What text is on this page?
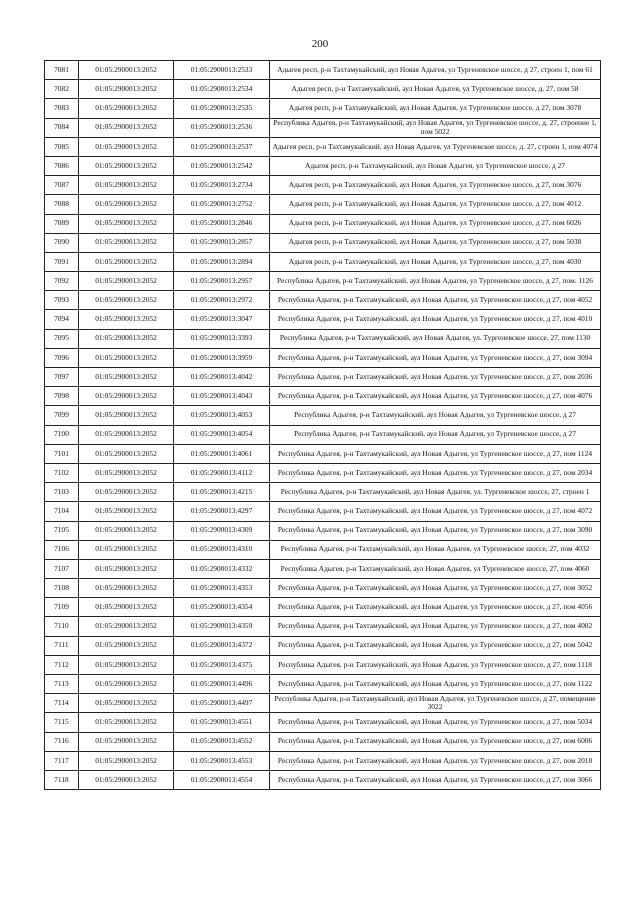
200
7081	01:05:2900013:2052	01:05:2900013:2533	Адыгея респ, р-н Тахтамукайский, аул Новая Адыгея, ул Тургеневское шоссе, д 27, строен 1, пом 61
7082	01:05:2900013:2052	01:05:2900013:2534	Адыгея респ, р-н Тахтамукайский, аул Новая Адыгея, ул Тургеневское шоссе, д. 27, пом 58
7083	01:05:2900013:2052	01:05:2900013:2535	Адыгея респ, р-н Тахтамукайский, аул Новая Адыгея, ул Тургеневское шоссе, д 27, пом 3078
7084	01:05:2900013:2052	01:05:2900013:2536	Республика Адыгея, р-н Тахтамукайский, аул Новая Адыгея, ул Тургеневское шоссе, д. 27, строение 1, пом 5022
7085	01:05:2900013:2052	01:05:2900013:2537	Адыгея респ, р-н Тахтамукайский, аул Новая Адыгея, ул Тургеневское шоссе, д. 27, строен 1, пом 4074
7086	01:05:2900013:2052	01:05:2900013:2542	Адыгея респ, р-н Тахтамукайский, аул Новая Адыгея, ул Тургеневское шоссе, д 27
7087	01:05:2900013:2052	01:05:2900013:2734	Адыгея респ, р-н Тахтамукайский, аул Новая Адыгея, ул Тургеневское шоссе, д 27, пом 3076
7088	01:05:2900013:2052	01:05:2900013:2752	Адыгея респ, р-н Тахтамукайский, аул Новая Адыгея, ул Тургеневское шоссе, д 27, пом 4012
7089	01:05:2900013:2052	01:05:2900013:2846	Адыгея респ, р-н Тахтамукайский, аул Новая Адыгея, ул Тургеневское шоссе, д 27, пом 6026
7090	01:05:2900013:2052	01:05:2900013:2857	Адыгея респ, р-н Тахтамукайский, аул Новая Адыгея, ул Тургеневское шоссе, д 27, пом 5038
7091	01:05:2900013:2052	01:05:2900013:2894	Адыгея респ, р-н Тахтамукайский, аул Новая Адыгея, ул Тургеневское шоссе, д 27, пом 4030
7092	01:05:2900013:2052	01:05:2900013:2957	Республика Адыгея, р-н Тахтамукайский, аул Новая Адыгея, ул Тургеневское шоссе, д 27, пом. 1126
7093	01:05:2900013:2052	01:05:2900013:2972	Республика Адыгея, р-н Тахтамукайский, аул Новая Адыгея, ул Тургеневское шоссе, д 27, пом 4052
7094	01:05:2900013:2052	01:05:2900013:3047	Республика Адыгея, р-н Тахтамукайский, аул Новая Адыгея, ул Тургеневское шоссе, д 27, пом 4010
7095	01:05:2900013:2052	01:05:2900013:3393	Республика Адыгея, р-н Тахтамукайский, аул Новая Адыгея, ул. Тургеневское шоссе, 27, пом 1130
7096	01:05:2900013:2052	01:05:2900013:3959	Республика Адыгея, р-н Тахтамукайский, аул Новая Адыгея, ул Тургеневское шоссе, д 27, пом 3094
7097	01:05:2900013:2052	01:05:2900013:4042	Республика Адыгея, р-н Тахтамукайский, аул Новая Адыгея, ул Тургеневское шоссе, д 27, пом 2036
7098	01:05:2900013:2052	01:05:2900013:4043	Республика Адыгея, р-н Тахтамукайский, аул Новая Адыгея, ул Тургеневское шоссе, д 27, пом 4076
7099	01:05:2900013:2052	01:05:2900013:4053	Республика Адыгея, р-н Тахтамукайский, аул Новая Адыгея, ул Тургеневское шоссе, д 27
7100	01:05:2900013:2052	01:05:2900013:4054	Республика Адыгея, р-н Тахтамукайский, аул Новая Адыгея, ул Тургеневское шоссе, д 27
7101	01:05:2900013:2052	01:05:2900013:4061	Республика Адыгея, р-н Тахтамукайский, аул Новая Адыгея, ул Тургеневское шоссе, д 27, пом 1124
7102	01:05:2900013:2052	01:05:2900013:4112	Республика Адыгея, р-н Тахтамукайский, аул Новая Адыгея, ул Тургеневское шоссе, д 27, пом 2034
7103	01:05:2900013:2052	01:05:2900013:4215	Республика Адыгея, р-н Тахтамукайский, аул Новая Адыгея, ул. Тургеневское шоссе, 27, строен 1
7104	01:05:2900013:2052	01:05:2900013:4297	Республика Адыгея, р-н Тахтамукайский, аул Новая Адыгея, ул Тургеневское шоссе, д 27, пом 4072
7105	01:05:2900013:2052	01:05:2900013:4309	Республика Адыгея, р-н Тахтамукайский, аул Новая Адыгея, ул Тургеневское шоссе, д 27, пом 3090
7106	01:05:2900013:2052	01:05:2900013:4310	Республика Адыгея, р-н Тахтамукайский, аул Новая Адыгея, ул Тургеневское шоссе, 27, пом 4032
7107	01:05:2900013:2052	01:05:2900013:4332	Республика Адыгея, р-н Тахтамукайский, аул Новая Адыгея, ул Тургеневское шоссе, 27, пом 4060
7108	01:05:2900013:2052	01:05:2900013:4353	Республика Адыгея, р-н Тахтамукайский, аул Новая Адыгея, ул Тургеневское шоссе, д 27, пом 3052
7109	01:05:2900013:2052	01:05:2900013:4354	Республика Адыгея, р-н Тахтамукайский, аул Новая Адыгея, ул Тургеневское шоссе, д 27, пом 4056
7110	01:05:2900013:2052	01:05:2900013:4359	Республика Адыгея, р-н Тахтамукайский, аул Новая Адыгея, ул Тургеневское шоссе, д 27, пом 4002
7111	01:05:2900013:2052	01:05:2900013:4372	Республика Адыгея, р-н Тахтамукайский, аул Новая Адыгея, ул Тургеневское шоссе, д 27, пом 5042
7112	01:05:2900013:2052	01:05:2900013:4375	Республика Адыгея, р-н Тахтамукайский, аул Новая Адыгея, ул Тургеневское шоссе, д 27, пом 1118
7113	01:05:2900013:2052	01:05:2900013:4496	Республика Адыгея, р-н Тахтамукайский, аул Новая Адыгея, ул Тургеневское шоссе, д 27, пом 1122
7114	01:05:2900013:2052	01:05:2900013:4497	Республика Адыгея, р-н Тахтамукайский, аул Новая Адыгея, ул Тургеневское шоссе, д 27, помещение 3022
7115	01:05:2900013:2052	01:05:2900013:4551	Республика Адыгея, р-н Тахтамукайский, аул Новая Адыгея, ул Тургеневское шоссе, д 27, пом 5034
7116	01:05:2900013:2052	01:05:2900013:4552	Республика Адыгея, р-н Тахтамукайский, аул Новая Адыгея, ул Тургеневское шоссе, д 27, пом 6006
7117	01:05:2900013:2052	01:05:2900013:4553	Республика Адыгея, р-н Тахтамукайский, аул Новая Адыгея, ул Тургеневское шоссе, д 27, пом 2018
7118	01:05:2900013:2052	01:05:2900013:4554	Республика Адыгея, р-н Тахтамукайский, аул Новая Адыгея, ул Тургеневское шоссе, д 27, пом 3066
